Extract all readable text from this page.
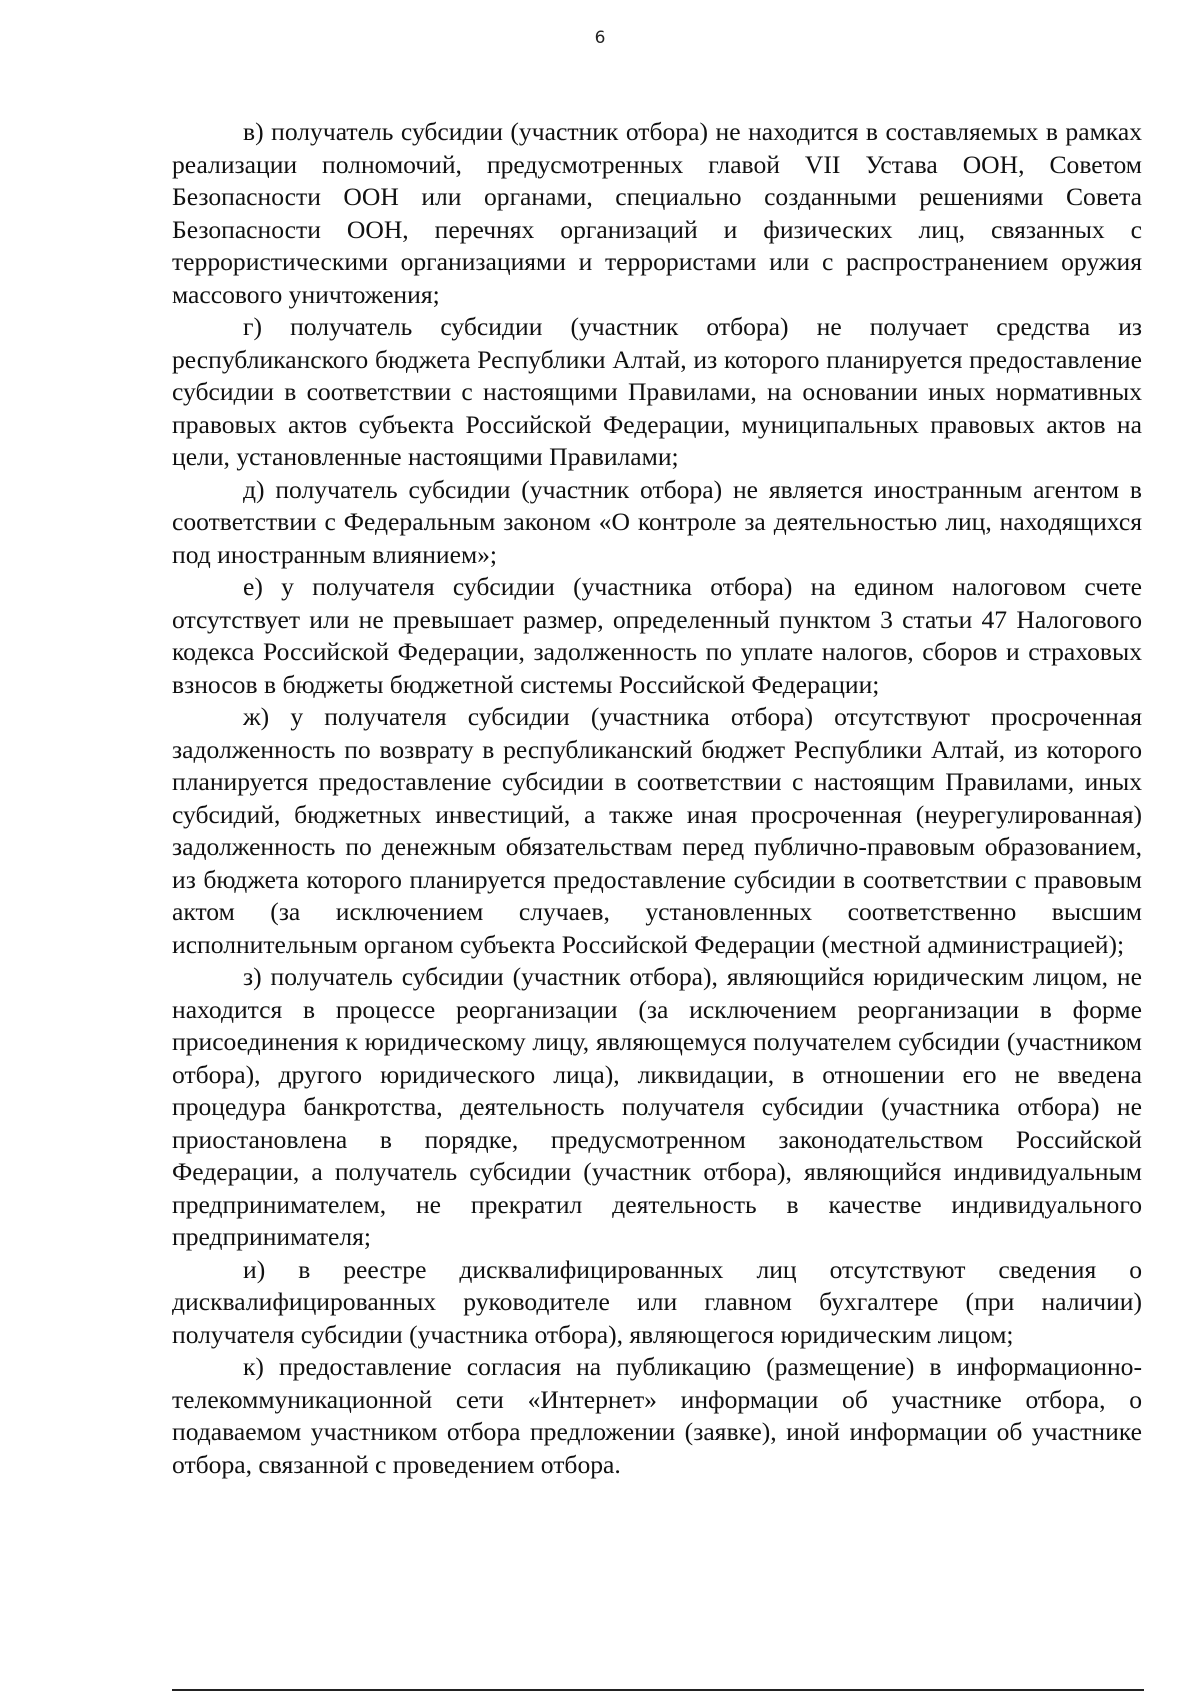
6

в) получатель субсидии (участник отбора) не находится в составляемых в рамках реализации полномочий, предусмотренных главой VII Устава ООН, Советом Безопасности ООН или органами, специально созданными решениями Совета Безопасности ООН, перечнях организаций и физических лиц, связанных с террористическими организациями и террористами или с распространением оружия массового уничтожения;

г) получатель субсидии (участник отбора) не получает средства из республиканского бюджета Республики Алтай, из которого планируется предоставление субсидии в соответствии с настоящими Правилами, на основании иных нормативных правовых актов субъекта Российской Федерации, муниципальных правовых актов на цели, установленные настоящими Правилами;

д) получатель субсидии (участник отбора) не является иностранным агентом в соответствии с Федеральным законом «О контроле за деятельностью лиц, находящихся под иностранным влиянием»;

е) у получателя субсидии (участника отбора) на едином налоговом счете отсутствует или не превышает размер, определенный пунктом 3 статьи 47 Налогового кодекса Российской Федерации, задолженность по уплате налогов, сборов и страховых взносов в бюджеты бюджетной системы Российской Федерации;

ж) у получателя субсидии (участника отбора) отсутствуют просроченная задолженность по возврату в республиканский бюджет Республики Алтай, из которого планируется предоставление субсидии в соответствии с настоящим Правилами, иных субсидий, бюджетных инвестиций, а также иная просроченная (неурегулированная) задолженность по денежным обязательствам перед публично-правовым образованием, из бюджета которого планируется предоставление субсидии в соответствии с правовым актом (за исключением случаев, установленных соответственно высшим исполнительным органом субъекта Российской Федерации (местной администрацией);

з) получатель субсидии (участник отбора), являющийся юридическим лицом, не находится в процессе реорганизации (за исключением реорганизации в форме присоединения к юридическому лицу, являющемуся получателем субсидии (участником отбора), другого юридического лица), ликвидации, в отношении его не введена процедура банкротства, деятельность получателя субсидии (участника отбора) не приостановлена в порядке, предусмотренном законодательством Российской Федерации, а получатель субсидии (участник отбора), являющийся индивидуальным предпринимателем, не прекратил деятельность в качестве индивидуального предпринимателя;

и) в реестре дисквалифицированных лиц отсутствуют сведения о дисквалифицированных руководителе или главном бухгалтере (при наличии) получателя субсидии (участника отбора), являющегося юридическим лицом;

к) предоставление согласия на публикацию (размещение) в информационно-телекоммуникационной сети «Интернет» информации об участнике отбора, о подаваемом участником отбора предложении (заявке), иной информации об участнике отбора, связанной с проведением отбора.
